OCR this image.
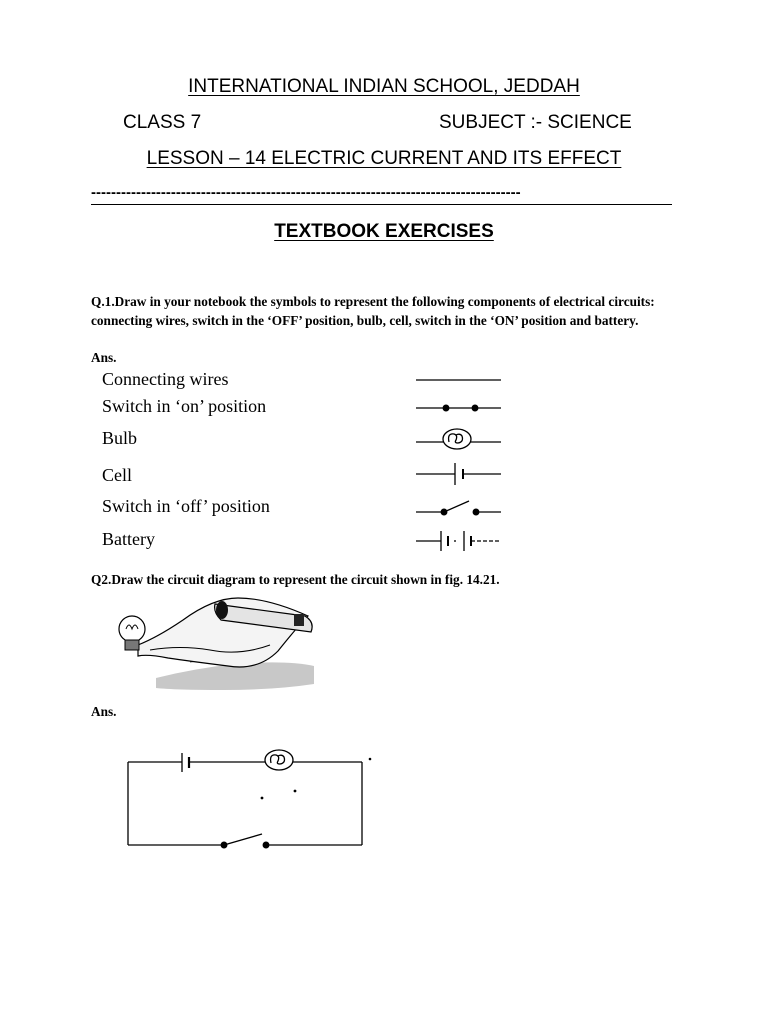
INTERNATIONAL INDIAN SCHOOL, JEDDAH
CLASS 7	SUBJECT :- SCIENCE
LESSON – 14 ELECTRIC CURRENT AND ITS EFFECT
--------------------------------------------------------------------------------------
TEXTBOOK EXERCISES
Q.1.Draw in your notebook the symbols to represent the following components of electrical circuits: connecting wires, switch in the ‘OFF’ position, bulb, cell, switch in the ‘ON’ position and battery.
Ans.
Connecting wires
Switch in ‘on’ position
Bulb
Cell
Switch in ‘off’ position
Battery
Q2.Draw the circuit diagram to represent the circuit shown in fig. 14.21.
Ans.
